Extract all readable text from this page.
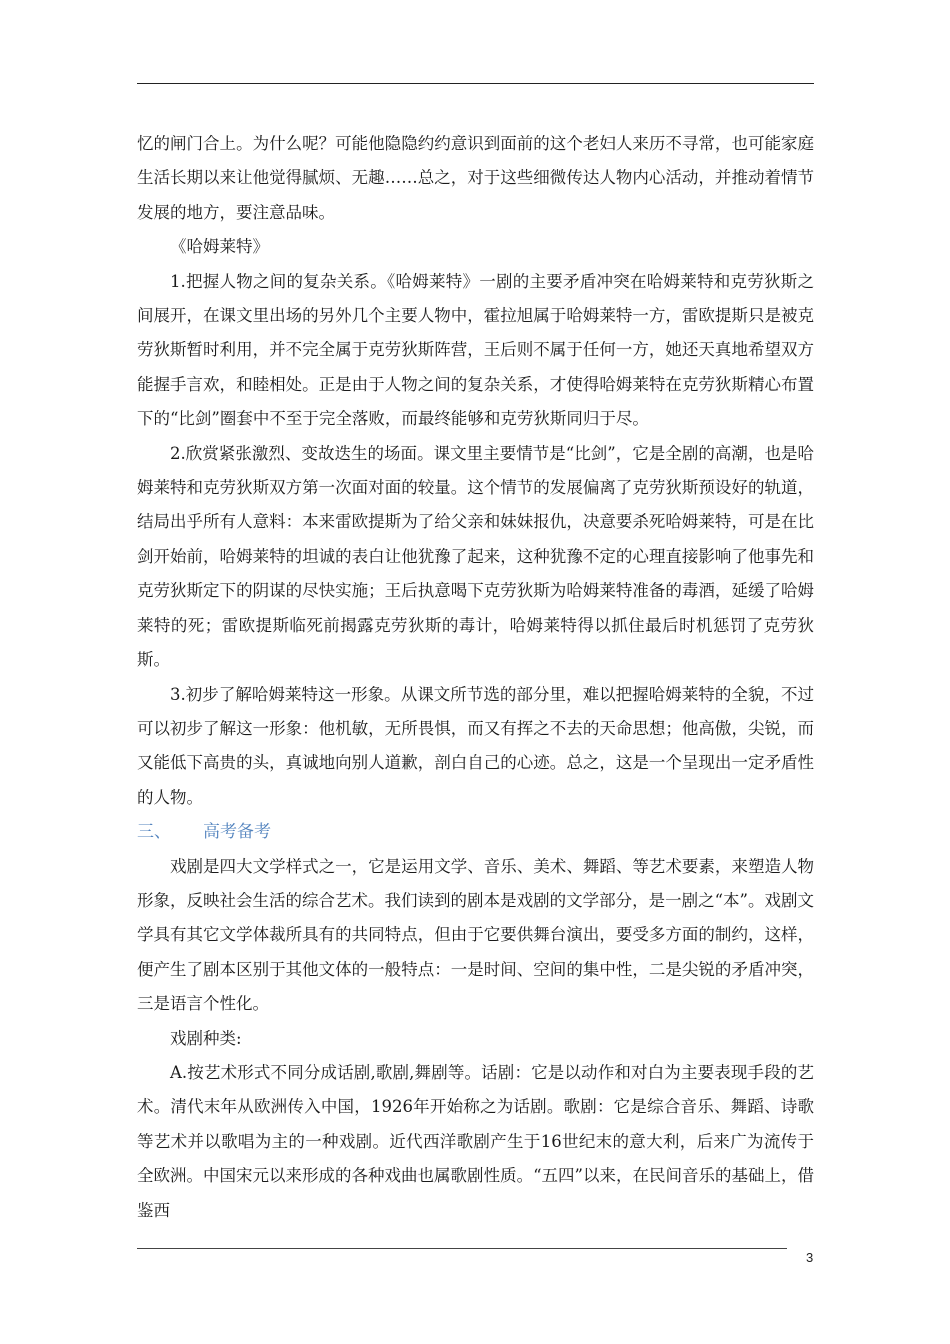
忆的闸门合上。为什么呢？可能他隐隐约约意识到面前的这个老妇人来历不寻常，也可能家庭生活长期以来让他觉得腻烦、无趣……总之，对于这些细微传达人物内心活动，并推动着情节发展的地方，要注意品味。

《哈姆莱特》

1.把握人物之间的复杂关系。《哈姆莱特》一剧的主要矛盾冲突在哈姆莱特和克劳狄斯之间展开，在课文里出场的另外几个主要人物中，霍拉旭属于哈姆莱特一方，雷欧提斯只是被克劳狄斯暂时利用，并不完全属于克劳狄斯阵营，王后则不属于任何一方，她还天真地希望双方能握手言欢，和睦相处。正是由于人物之间的复杂关系，才使得哈姆莱特在克劳狄斯精心布置下的“比剑”圈套中不至于完全落败，而最终能够和克劳狄斯同归于尽。

2.欣赏紧张激烈、变故迭生的场面。课文里主要情节是“比剑”，它是全剧的高潮，也是哈姆莱特和克劳狄斯双方第一次面对面的较量。这个情节的发展偏离了克劳狄斯预设好的轨道，结局出乎所有人意料：本来雷欧提斯为了给父亲和妹妹报仇，决意要杀死哈姆莱特，可是在比剑开始前，哈姆莱特的坦诚的表白让他犹豫了起来，这种犹豫不定的心理直接影响了他事先和克劳狄斯定下的阴谋的尽快实施；王后执意喝下克劳狄斯为哈姆莱特准备的毒酒，延缓了哈姆莱特的死；雷欧提斯临死前揭露克劳狄斯的毒计，哈姆莱特得以抓住最后时机惩罚了克劳狄斯。

3.初步了解哈姆莱特这一形象。从课文所节选的部分里，难以把握哈姆莱特的全貌，不过可以初步了解这一形象：他机敏，无所畏惧，而又有挥之不去的天命思想；他高傲，尖锐，而又能低下高贵的头，真诚地向别人道歉，剖白自己的心迹。总之，这是一个呈现出一定矛盾性的人物。

三、	高考备考

戏剧是四大文学样式之一，它是运用文学、音乐、美术、舞蹈、等艺术要素，来塑造人物形象，反映社会生活的综合艺术。我们读到的剧本是戏剧的文学部分，是一剧之“本”。戏剧文学具有其它文学体裁所具有的共同特点，但由于它要供舞台演出，要受多方面的制约，这样，便产生了剧本区别于其他文体的一般特点：一是时间、空间的集中性，二是尖锐的矛盾冲突，三是语言个性化。

戏剧种类:

A.按艺术形式不同分成话剧,歌剧,舞剧等。话剧：它是以动作和对白为主要表现手段的艺术。清代末年从欧洲传入中国，1926年开始称之为话剧。歌剧：它是综合音乐、舞蹈、诗歌等艺术并以歌唱为主的一种戏剧。近代西洋歌剧产生于16世纪末的意大利，后来广为流传于全欧洲。中国宋元以来形成的各种戏曲也属歌剧性质。“五四”以来，在民间音乐的基础上，借鉴西

3
